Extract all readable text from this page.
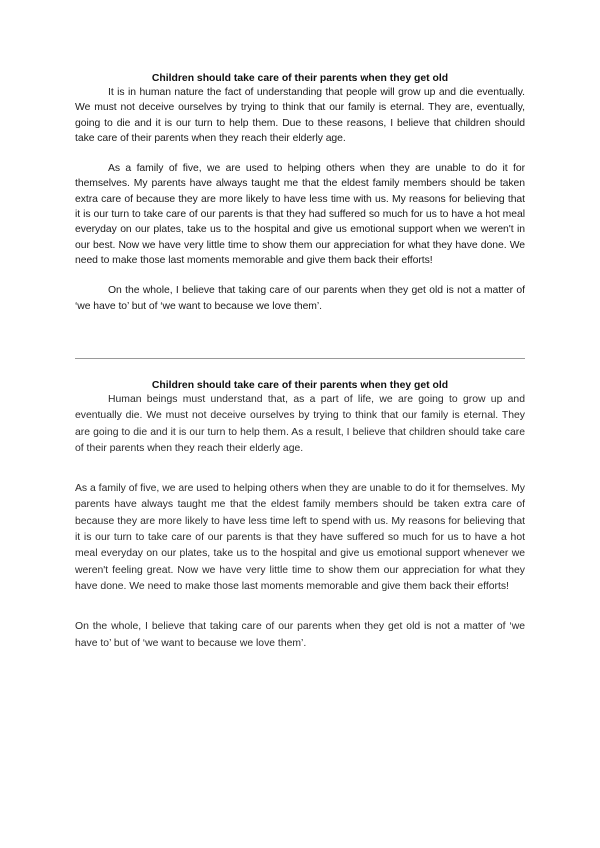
Children should take care of their parents when they get old

It is in human nature the fact of understanding that people will grow up and die eventually. We must not deceive ourselves by trying to think that our family is eternal. They are, eventually, going to die and it is our turn to help them. Due to these reasons, I believe that children should take care of their parents when they reach their elderly age.

As a family of five, we are used to helping others when they are unable to do it for themselves. My parents have always taught me that the eldest family members should be taken extra care of because they are more likely to have less time with us. My reasons for believing that it is our turn to take care of our parents is that they had suffered so much for us to have a hot meal everyday on our plates, take us to the hospital and give us emotional support when we weren't in our best. Now we have very little time to show them our appreciation for what they have done. We need to make those last moments memorable and give them back their efforts!

On the whole, I believe that taking care of our parents when they get old is not a matter of ‘we have to’ but of ‘we want to because we love them’.

Children should take care of their parents when they get old

Human beings must understand that, as a part of life, we are going to grow up and eventually die. We must not deceive ourselves by trying to think that our family is eternal. They are going to die and it is our turn to help them. As a result, I believe that children should take care of their parents when they reach their elderly age.

As a family of five, we are used to helping others when they are unable to do it for themselves. My parents have always taught me that the eldest family members should be taken extra care of because they are more likely to have less time left to spend with us. My reasons for believing that it is our turn to take care of our parents is that they have suffered so much for us to have a hot meal everyday on our plates, take us to the hospital and give us emotional support whenever we weren't feeling great. Now we have very little time to show them our appreciation for what they have done. We need to make those last moments memorable and give them back their efforts!

On the whole, I believe that taking care of our parents when they get old is not a matter of ‘we have to’ but of ‘we want to because we love them’.
